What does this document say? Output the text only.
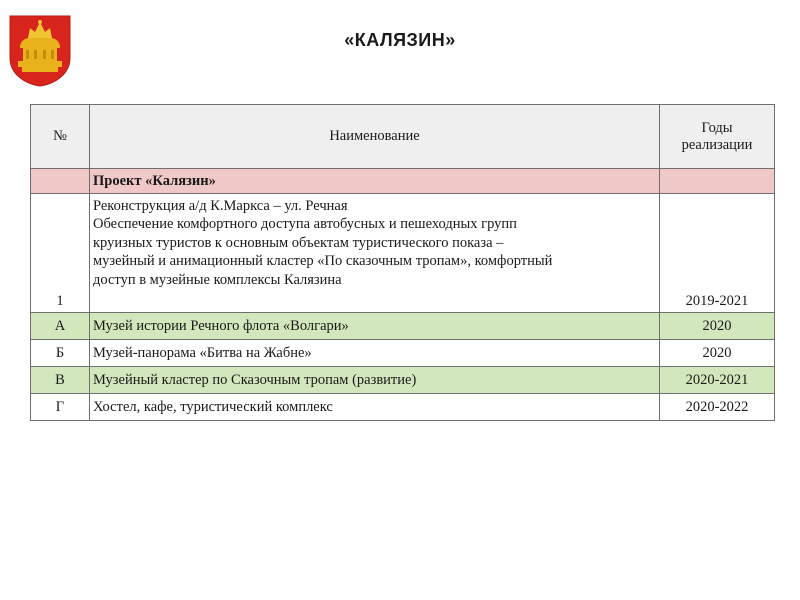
«КАЛЯЗИН»
№	Наименование	Годы
реализации

	Проект «Калязин»	
1	Реконструкция а/д К.Маркса – ул. Речная
Обеспечение комфортного доступа автобусных и пешеходных групп
круизных туристов к основным объектам туристического показа –
музейный и анимационный кластер «По сказочным тропам», комфортный
доступ в музейные комплексы Калязина	2019-2021
А	Музей истории Речного флота «Волгари»	2020
Б	Музей-панорама «Битва на Жабне»	2020
В	Музейный кластер по Сказочным тропам (развитие)	2020-2021
Г	Хостел, кафе, туристический комплекс	2020-2022
